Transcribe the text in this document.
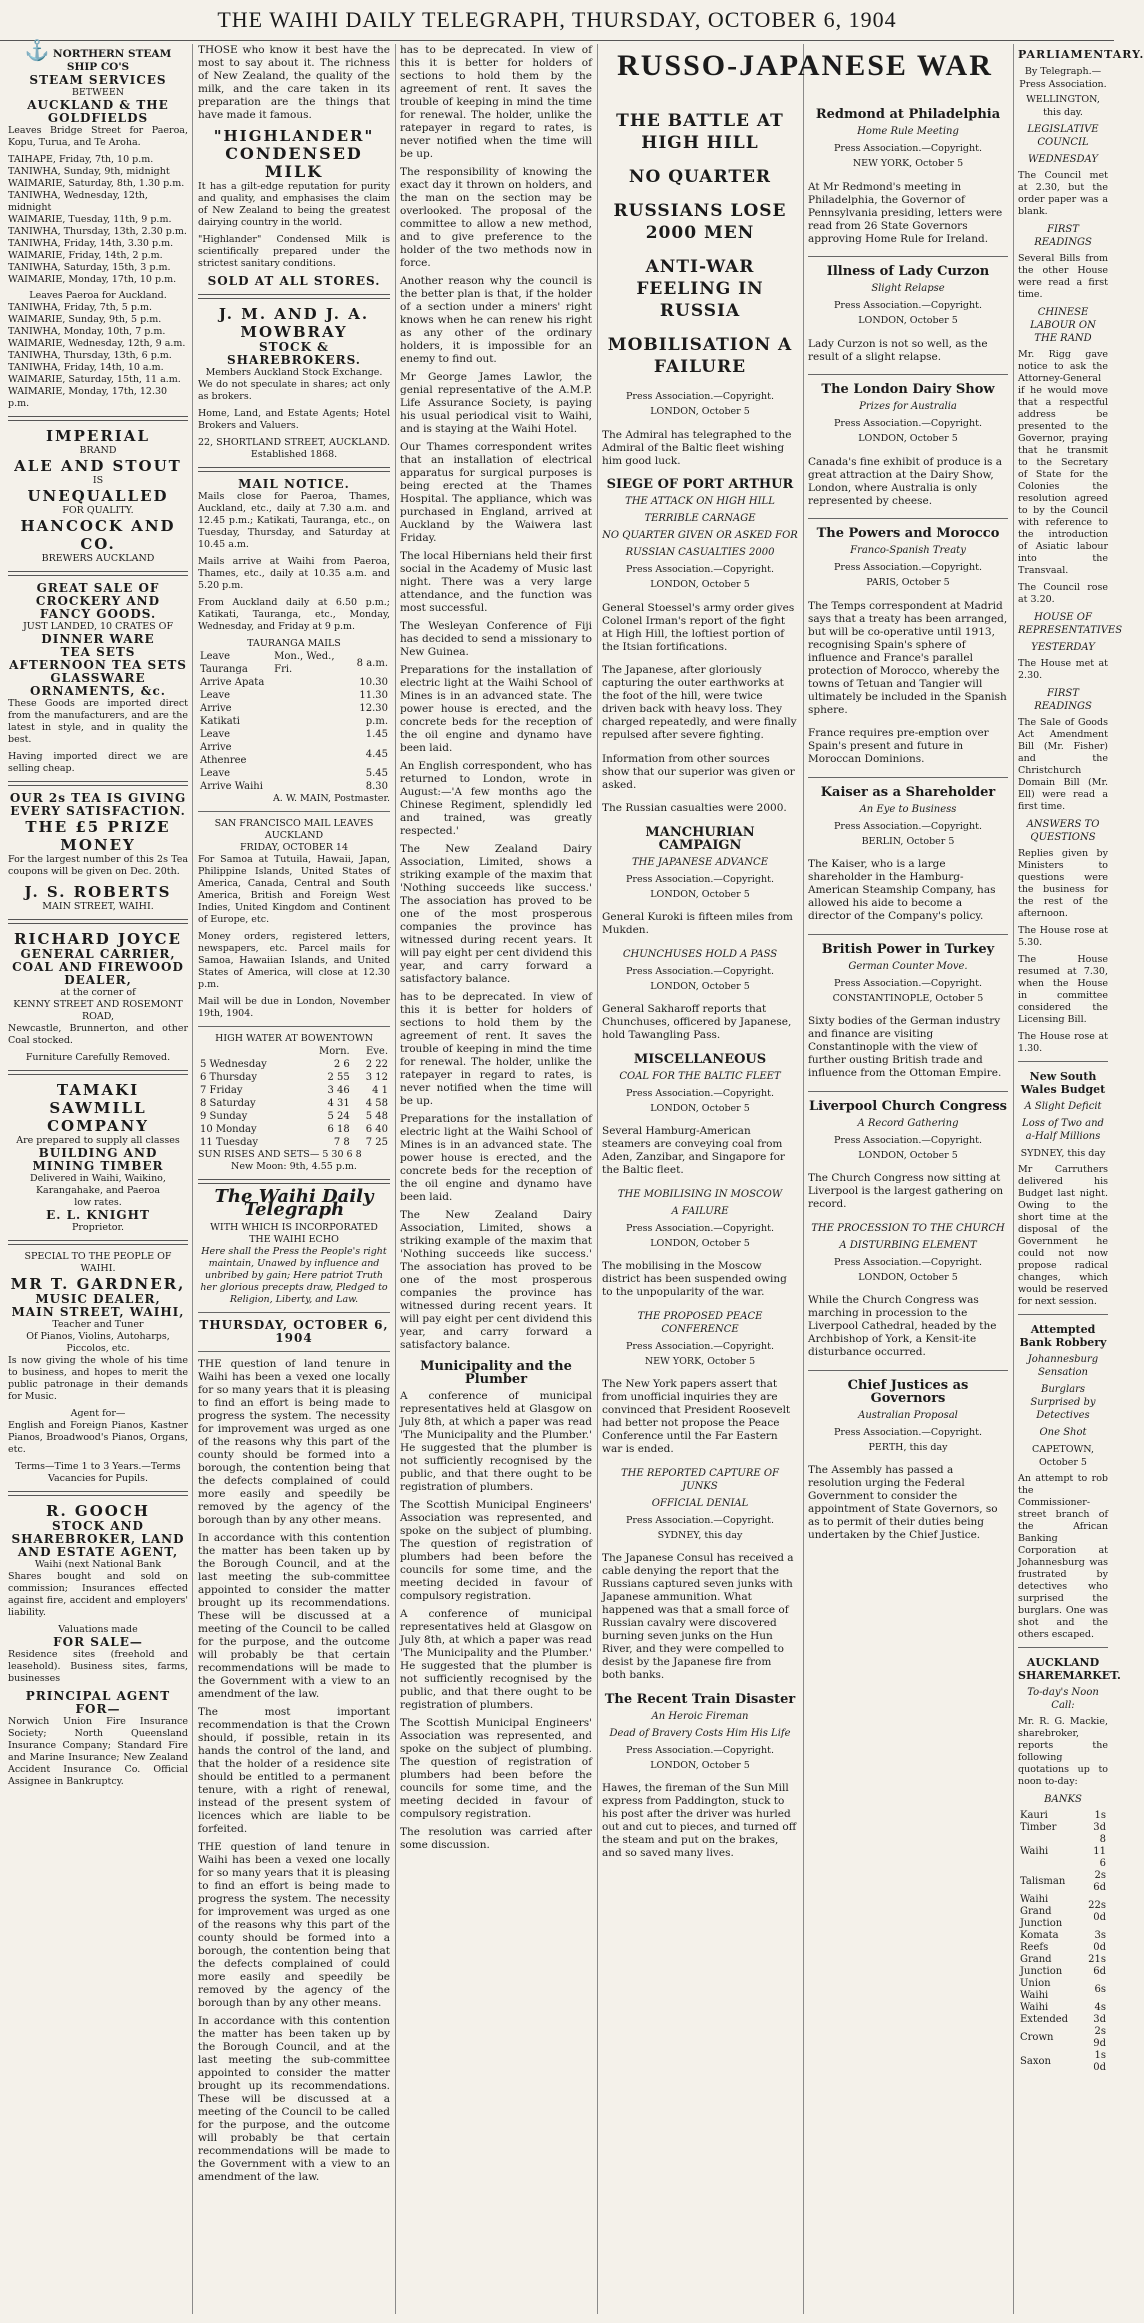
THE WAIHI DAILY TELEGRAPH, THURSDAY, OCTOBER 6, 1904
⚓ NORTHERN STEAM SHIP CO'S
STEAM SERVICES
BETWEEN
AUCKLAND & THE GOLDFIELDS

Leaves Bridge Street for Paeroa, Kopu, Turua, and Te Aroha.

TAIHAPE, Friday, 7th, 10 p.m.
TANIWHA, Sunday, 9th, midnight
WAIMARIE, Saturday, 8th, 1.30 p.m.
TANIWHA, Wednesday, 12th, midnight
WAIMARIE, Tuesday, 11th, 9 p.m.
TANIWHA, Thursday, 13th, 2.30 p.m.
TANIWHA, Friday, 14th, 3.30 p.m.
WAIMARIE, Friday, 14th, 2 p.m.
TANIWHA, Saturday, 15th, 3 p.m.
WAIMARIE, Monday, 17th, 10 p.m.
Leaves Paeroa for Auckland.
TANIWHA, Friday, 7th, 5 p.m.
WAIMARIE, Sunday, 9th, 5 p.m.
TANIWHA, Monday, 10th, 7 p.m.
WAIMARIE, Wednesday, 12th, 9 a.m.
TANIWHA, Thursday, 13th, 6 p.m.
TANIWHA, Friday, 14th, 10 a.m.
WAIMARIE, Saturday, 15th, 11 a.m.
WAIMARIE, Monday, 17th, 12.30 p.m.
IMPERIAL
BRAND
ALE AND STOUT
IS
UNEQUALLED
FOR QUALITY.
HANCOCK AND CO.
BREWERS AUCKLAND
GREAT SALE OF CROCKERY AND FANCY GOODS.
JUST LANDED, 10 CRATES OF
DINNER WARE
TEA SETS
AFTERNOON TEA SETS
GLASSWARE
ORNAMENTS, &c.

These Goods are imported direct from the manufacturers, and are the latest in style, and in quality the best.

Having imported direct we are selling cheap.

OUR 2s TEA IS GIVING EVERY SATISFACTION.
THE £5 PRIZE MONEY

For the largest number of this 2s Tea coupons will be given on Dec. 20th.

J. S. ROBERTS
MAIN STREET, WAIHI.
RICHARD JOYCE
GENERAL CARRIER,
COAL AND FIREWOOD DEALER,
at the corner of
KENNY STREET AND ROSEMONT ROAD,

Newcastle, Brunnerton, and other Coal stocked.

Furniture Carefully Removed.
TAMAKI SAWMILL COMPANY
Are prepared to supply all classes
BUILDING AND MINING TIMBER
Delivered in Waihi, Waikino,
Karangahake, and Paeroa
low rates.
E. L. KNIGHT
Proprietor.
SPECIAL TO THE PEOPLE OF WAIHI.
MR T. GARDNER,
MUSIC DEALER,
MAIN STREET, WAIHI,
Teacher and Tuner
Of Pianos, Violins, Autoharps, Piccolos, etc.

Is now giving the whole of his time to business, and hopes to merit the public patronage in their demands for Music.

Agent for—

English and Foreign Pianos, Kastner Pianos, Broadwood's Pianos, Organs, etc.

Terms—Time 1 to 3 Years.—Terms
Vacancies for Pupils.
R. GOOCH
STOCK AND SHAREBROKER, LAND AND ESTATE AGENT,
Waihi (next National Bank

Shares bought and sold on commission; Insurances effected against fire, accident and employers' liability.

Valuations made
FOR SALE—

Residence sites (freehold and leasehold). Business sites, farms, businesses

PRINCIPAL AGENT FOR—

Norwich Union Fire Insurance Society; North Queensland Insurance Company; Standard Fire and Marine Insurance; New Zealand Accident Insurance Co. Official Assignee in Bankruptcy.

THOSE who know it best have the most to say about it. The richness of New Zealand, the quality of the milk, and the care taken in its preparation are the things that have made it famous.

"HIGHLANDER"
CONDENSED MILK

It has a gilt-edge reputation for purity and quality, and emphasises the claim of New Zealand to being the greatest dairying country in the world.

"Highlander" Condensed Milk is scientifically prepared under the strictest sanitary conditions.

SOLD AT ALL STORES.
J. M. AND J. A. MOWBRAY
STOCK & SHAREBROKERS.
Members Auckland Stock Exchange.

We do not speculate in shares; act only as brokers.

Home, Land, and Estate Agents; Hotel Brokers and Valuers.

22, SHORTLAND STREET, AUCKLAND.
Established 1868.
MAIL NOTICE.

Mails close for Paeroa, Thames, Auckland, etc., daily at 7.30 a.m. and 12.45 p.m.; Katikati, Tauranga, etc., on Tuesday, Thursday, and Saturday at 10.45 a.m.

Mails arrive at Waihi from Paeroa, Thames, etc., daily at 10.35 a.m. and 5.20 p.m.

From Auckland daily at 6.50 p.m.; Katikati, Tauranga, etc., Monday, Wednesday, and Friday at 9 p.m.

TAURANGA MAILS
Leave Tauranga	Mon., Wed., Fri.	8 a.m.
Arrive Apata		10.30
Leave		11.30
Arrive Katikati		12.30 p.m.
Leave		1.45
Arrive Athenree		4.45
Leave		5.45
Arrive Waihi		8.30
A. W. MAIN, Postmaster.
SAN FRANCISCO MAIL LEAVES AUCKLAND
FRIDAY, OCTOBER 14

For Samoa at Tutuila, Hawaii, Japan, Philippine Islands, United States of America, Canada, Central and South America, British and Foreign West Indies, United Kingdom and Continent of Europe, etc.

Money orders, registered letters, newspapers, etc. Parcel mails for Samoa, Hawaiian Islands, and United States of America, will close at 12.30 p.m.

Mail will be due in London, November 19th, 1904.

HIGH WATER AT BOWENTOWN
	Morn.	Eve.
5 Wednesday	2 6	2 22
6 Thursday	2 55	3 12
7 Friday	3 46	4 1
8 Saturday	4 31	4 58
9 Sunday	5 24	5 48
10 Monday	6 18	6 40
11 Tuesday	7 8	7 25
SUN RISES AND SETS— 5 30 6 8
New Moon: 9th, 4.55 p.m.
The Waihi Daily Telegraph
WITH WHICH IS INCORPORATED
THE WAIHI ECHO

Here shall the Press the People's right maintain, Unawed by influence and unbribed by gain; Here patriot Truth her glorious precepts draw, Pledged to Religion, Liberty, and Law.

THURSDAY, OCTOBER 6, 1904

THE question of land tenure in Waihi has been a vexed one locally for so many years that it is pleasing to find an effort is being made to progress the system. The necessity for improvement was urged as one of the reasons why this part of the county should be formed into a borough, the contention being that the defects complained of could more easily and speedily be removed by the agency of the borough than by any other means.

In accordance with this contention the matter has been taken up by the Borough Council, and at the last meeting the sub-committee appointed to consider the matter brought up its recommendations. These will be discussed at a meeting of the Council to be called for the purpose, and the outcome will probably be that certain recommendations will be made to the Government with a view to an amendment of the law.

The most important recommendation is that the Crown should, if possible, retain in its hands the control of the land, and that the holder of a residence site should be entitled to a permanent tenure, with a right of renewal, instead of the present system of licences which are liable to be forfeited.

THE question of land tenure in Waihi has been a vexed one locally for so many years that it is pleasing to find an effort is being made to progress the system. The necessity for improvement was urged as one of the reasons why this part of the county should be formed into a borough, the contention being that the defects complained of could more easily and speedily be removed by the agency of the borough than by any other means.

In accordance with this contention the matter has been taken up by the Borough Council, and at the last meeting the sub-committee appointed to consider the matter brought up its recommendations. These will be discussed at a meeting of the Council to be called for the purpose, and the outcome will probably be that certain recommendations will be made to the Government with a view to an amendment of the law.

has to be deprecated. In view of this it is better for holders of sections to hold them by the agreement of rent. It saves the trouble of keeping in mind the time for renewal. The holder, unlike the ratepayer in regard to rates, is never notified when the time will be up.

The responsibility of knowing the exact day it thrown on holders, and the man on the section may be overlooked. The proposal of the committee to allow a new method, and to give preference to the holder of the two methods now in force.

Another reason why the council is the better plan is that, if the holder of a section under a miners' right knows when he can renew his right as any other of the ordinary holders, it is impossible for an enemy to find out.

Mr George James Lawlor, the genial representative of the A.M.P. Life Assurance Society, is paying his usual periodical visit to Waihi, and is staying at the Waihi Hotel.

Our Thames correspondent writes that an installation of electrical apparatus for surgical purposes is being erected at the Thames Hospital. The appliance, which was purchased in England, arrived at Auckland by the Waiwera last Friday.

The local Hibernians held their first social in the Academy of Music last night. There was a very large attendance, and the function was most successful.

The Wesleyan Conference of Fiji has decided to send a missionary to New Guinea.

Preparations for the installation of electric light at the Waihi School of Mines is in an advanced state. The power house is erected, and the concrete beds for the reception of the oil engine and dynamo have been laid.

An English correspondent, who has returned to London, wrote in August:—'A few months ago the Chinese Regiment, splendidly led and trained, was greatly respected.'

The New Zealand Dairy Association, Limited, shows a striking example of the maxim that 'Nothing succeeds like success.' The association has proved to be one of the most prosperous companies the province has witnessed during recent years. It will pay eight per cent dividend this year, and carry forward a satisfactory balance.

has to be deprecated. In view of this it is better for holders of sections to hold them by the agreement of rent. It saves the trouble of keeping in mind the time for renewal. The holder, unlike the ratepayer in regard to rates, is never notified when the time will be up.

Preparations for the installation of electric light at the Waihi School of Mines is in an advanced state. The power house is erected, and the concrete beds for the reception of the oil engine and dynamo have been laid.

The New Zealand Dairy Association, Limited, shows a striking example of the maxim that 'Nothing succeeds like success.' The association has proved to be one of the most prosperous companies the province has witnessed during recent years. It will pay eight per cent dividend this year, and carry forward a satisfactory balance.

Municipality and the Plumber

A conference of municipal representatives held at Glasgow on July 8th, at which a paper was read 'The Municipality and the Plumber.' He suggested that the plumber is not sufficiently recognised by the public, and that there ought to be registration of plumbers.

The Scottish Municipal Engineers' Association was represented, and spoke on the subject of plumbing. The question of registration of plumbers had been before the councils for some time, and the meeting decided in favour of compulsory registration.

A conference of municipal representatives held at Glasgow on July 8th, at which a paper was read 'The Municipality and the Plumber.' He suggested that the plumber is not sufficiently recognised by the public, and that there ought to be registration of plumbers.

The Scottish Municipal Engineers' Association was represented, and spoke on the subject of plumbing. The question of registration of plumbers had been before the councils for some time, and the meeting decided in favour of compulsory registration.

The resolution was carried after some discussion.

RUSSO-JAPANESE WAR
THE BATTLE AT HIGH HILL
NO QUARTER
RUSSIANS LOSE 2000 MEN
ANTI-WAR FEELING IN RUSSIA
MOBILISATION A FAILURE
Press Association.—Copyright.
LONDON, October 5

The Admiral has telegraphed to the Admiral of the Baltic fleet wishing him good luck.

SIEGE OF PORT ARTHUR
THE ATTACK ON HIGH HILL
TERRIBLE CARNAGE
NO QUARTER GIVEN OR ASKED FOR
RUSSIAN CASUALTIES 2000
Press Association.—Copyright.
LONDON, October 5

General Stoessel's army order gives Colonel Irman's report of the fight at High Hill, the loftiest portion of the Itsian fortifications.

The Japanese, after gloriously capturing the outer earthworks at the foot of the hill, were twice driven back with heavy loss. They charged repeatedly, and were finally repulsed after severe fighting.

Information from other sources show that our superior was given or asked.

The Russian casualties were 2000.

MANCHURIAN CAMPAIGN
THE JAPANESE ADVANCE
Press Association.—Copyright.
LONDON, October 5

General Kuroki is fifteen miles from Mukden.

CHUNCHUSES HOLD A PASS
Press Association.—Copyright.
LONDON, October 5

General Sakharoff reports that Chunchuses, officered by Japanese, hold Tawangling Pass.

MISCELLANEOUS
COAL FOR THE BALTIC FLEET
Press Association.—Copyright.
LONDON, October 5

Several Hamburg-American steamers are conveying coal from Aden, Zanzibar, and Singapore for the Baltic fleet.

THE MOBILISING IN MOSCOW
A FAILURE
Press Association.—Copyright.
LONDON, October 5

The mobilising in the Moscow district has been suspended owing to the unpopularity of the war.

THE PROPOSED PEACE CONFERENCE
Press Association.—Copyright.
NEW YORK, October 5

The New York papers assert that from unofficial inquiries they are convinced that President Roosevelt had better not propose the Peace Conference until the Far Eastern war is ended.

THE REPORTED CAPTURE OF JUNKS
OFFICIAL DENIAL
Press Association.—Copyright.
SYDNEY, this day

The Japanese Consul has received a cable denying the report that the Russians captured seven junks with Japanese ammunition. What happened was that a small force of Russian cavalry were discovered burning seven junks on the Hun River, and they were compelled to desist by the Japanese fire from both banks.

The Recent Train Disaster
An Heroic Fireman
Dead of Bravery Costs Him His Life
Press Association.—Copyright.
LONDON, October 5

Hawes, the fireman of the Sun Mill express from Paddington, stuck to his post after the driver was hurled out and cut to pieces, and turned off the steam and put on the brakes, and so saved many lives.

Redmond at Philadelphia
Home Rule Meeting
Press Association.—Copyright.
NEW YORK, October 5

At Mr Redmond's meeting in Philadelphia, the Governor of Pennsylvania presiding, letters were read from 26 State Governors approving Home Rule for Ireland.

Illness of Lady Curzon
Slight Relapse
Press Association.—Copyright.
LONDON, October 5

Lady Curzon is not so well, as the result of a slight relapse.

The London Dairy Show
Prizes for Australia
Press Association.—Copyright.
LONDON, October 5

Canada's fine exhibit of produce is a great attraction at the Dairy Show, London, where Australia is only represented by cheese.

The Powers and Morocco
Franco-Spanish Treaty
Press Association.—Copyright.
PARIS, October 5

The Temps correspondent at Madrid says that a treaty has been arranged, but will be co-operative until 1913, recognising Spain's sphere of influence and France's parallel protection of Morocco, whereby the towns of Tetuan and Tangier will ultimately be included in the Spanish sphere.

France requires pre-emption over Spain's present and future in Moroccan Dominions.

Kaiser as a Shareholder
An Eye to Business
Press Association.—Copyright.
BERLIN, October 5

The Kaiser, who is a large shareholder in the Hamburg-American Steamship Company, has allowed his aide to become a director of the Company's policy.

British Power in Turkey
German Counter Move.
Press Association.—Copyright.
CONSTANTINOPLE, October 5

Sixty bodies of the German industry and finance are visiting Constantinople with the view of further ousting British trade and influence from the Ottoman Empire.

Liverpool Church Congress
A Record Gathering
Press Association.—Copyright.
LONDON, October 5

The Church Congress now sitting at Liverpool is the largest gathering on record.

THE PROCESSION TO THE CHURCH
A DISTURBING ELEMENT
Press Association.—Copyright.
LONDON, October 5

While the Church Congress was marching in procession to the Liverpool Cathedral, headed by the Archbishop of York, a Kensit-ite disturbance occurred.

Chief Justices as Governors
Australian Proposal
Press Association.—Copyright.
PERTH, this day

The Assembly has passed a resolution urging the Federal Government to consider the appointment of State Governors, so as to permit of their duties being undertaken by the Chief Justice.

PARLIAMENTARY.
By Telegraph.—Press Association.
WELLINGTON, this day.
LEGISLATIVE COUNCIL
WEDNESDAY

The Council met at 2.30, but the order paper was a blank.

FIRST READINGS

Several Bills from the other House were read a first time.

CHINESE LABOUR ON THE RAND

Mr. Rigg gave notice to ask the Attorney-General if he would move that a respectful address be presented to the Governor, praying that he transmit to the Secretary of State for the Colonies the resolution agreed to by the Council with reference to the introduction of Asiatic labour into the Transvaal.

The Council rose at 3.20.

HOUSE OF REPRESENTATIVES
YESTERDAY

The House met at 2.30.

FIRST READINGS

The Sale of Goods Act Amendment Bill (Mr. Fisher) and the Christchurch Domain Bill (Mr. Ell) were read a first time.

ANSWERS TO QUESTIONS

Replies given by Ministers to questions were the business for the rest of the afternoon.

The House rose at 5.30.

The House resumed at 7.30, when the House in committee considered the Licensing Bill.

The House rose at 1.30.

New South Wales Budget
A Slight Deficit
Loss of Two and a-Half Millions
SYDNEY, this day

Mr Carruthers delivered his Budget last night. Owing to the short time at the disposal of the Government he could not now propose radical changes, which would be reserved for next session.

Attempted Bank Robbery
Johannesburg Sensation
Burglars Surprised by Detectives
One Shot
CAPETOWN, October 5

An attempt to rob the Commissioner-street branch of the African Banking Corporation at Johannesburg was frustrated by detectives who surprised the burglars. One was shot and the others escaped.

AUCKLAND SHAREMARKET.
To-day's Noon Call:

Mr. R. G. Mackie, sharebroker, reports the following quotations up to noon to-day:

BANKS
Kauri Timber	1s 3d
Waihi	8 11 6
Talisman	2s 6d
Waihi Grand Junction	22s 0d
Komata Reefs	3s 0d
Grand Junction	21s 6d
Union Waihi	6s
Waihi Extended	4s 3d
Crown	2s 9d
Saxon	1s 0d
